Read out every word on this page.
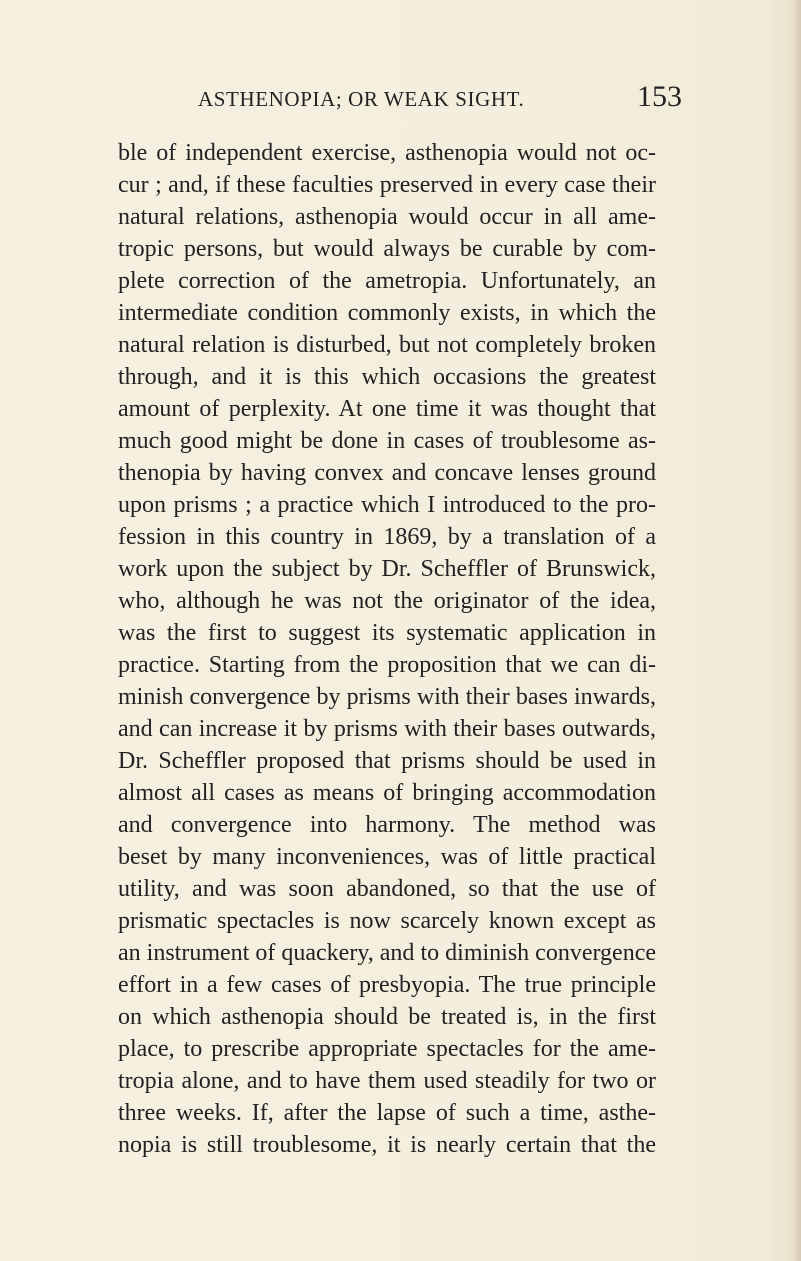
ASTHENOPIA; OR WEAK SIGHT.	153
ble of independent exercise, asthenopia would not oc-
cur ; and, if these faculties preserved in every case their
natural relations, asthenopia would occur in all ame-
tropic persons, but would always be curable by com-
plete correction of the ametropia. Unfortunately, an
intermediate condition commonly exists, in which the
natural relation is disturbed, but not completely broken
through, and it is this which occasions the greatest
amount of perplexity. At one time it was thought that
much good might be done in cases of troublesome as-
thenopia by having convex and concave lenses ground
upon prisms ; a practice which I introduced to the pro-
fession in this country in 1869, by a translation of a
work upon the subject by Dr. Scheffler of Brunswick,
who, although he was not the originator of the idea,
was the first to suggest its systematic application in
practice. Starting from the proposition that we can di-
minish convergence by prisms with their bases inwards,
and can increase it by prisms with their bases outwards,
Dr. Scheffler proposed that prisms should be used in
almost all cases as means of bringing accommodation
and convergence into harmony. The method was
beset by many inconveniences, was of little practical
utility, and was soon abandoned, so that the use of
prismatic spectacles is now scarcely known except as
an instrument of quackery, and to diminish convergence
effort in a few cases of presbyopia. The true principle
on which asthenopia should be treated is, in the first
place, to prescribe appropriate spectacles for the ame-
tropia alone, and to have them used steadily for two or
three weeks. If, after the lapse of such a time, asthe-
nopia is still troublesome, it is nearly certain that the
